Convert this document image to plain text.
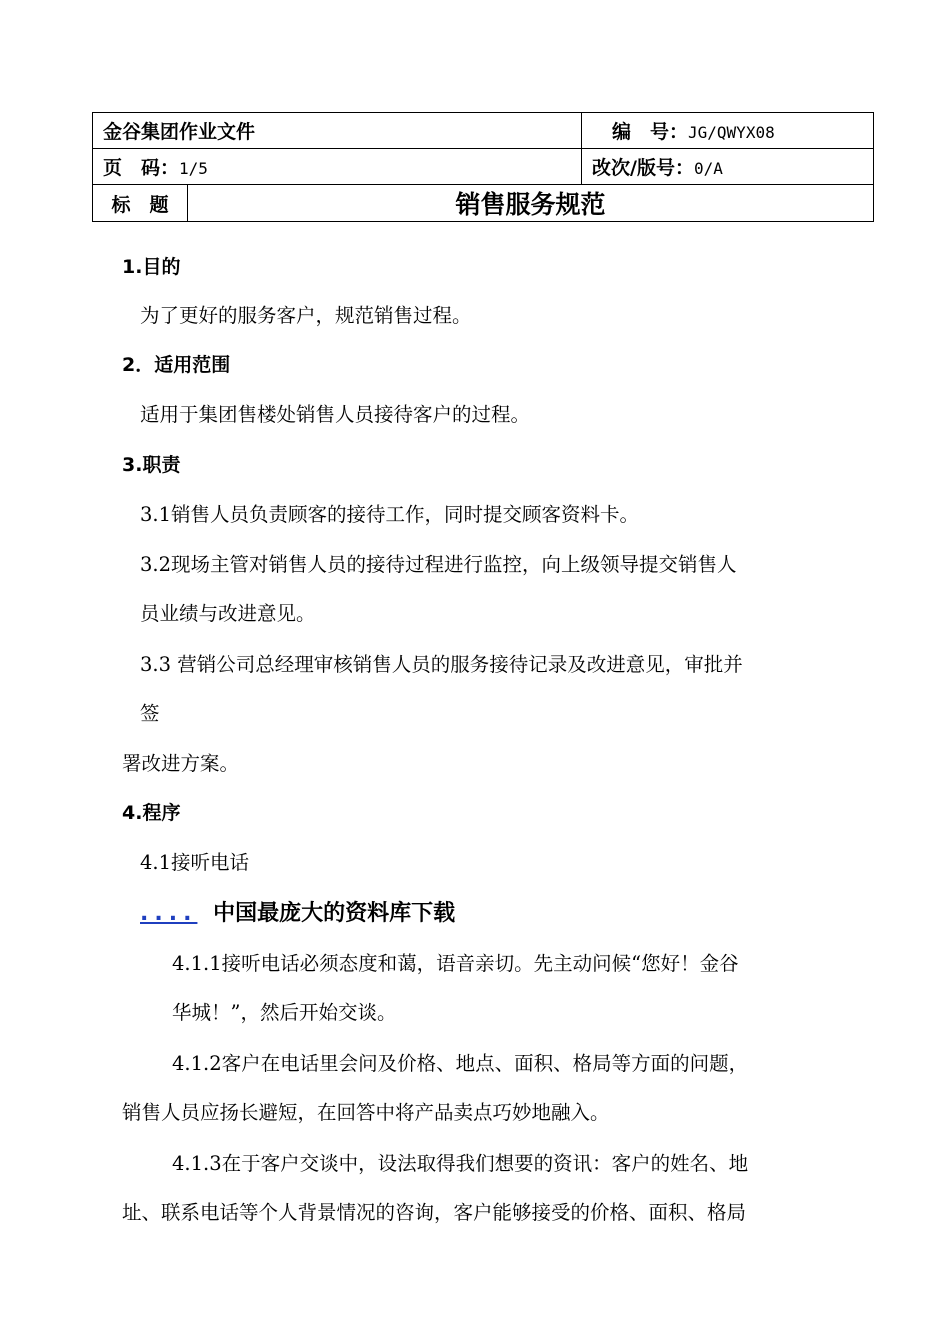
金谷集团作业文件	编　号：JG/QWYX08
页　码：1/5	改次/版号：0/A
标　题	销售服务规范
1.目的
为了更好的服务客户，规范销售过程。
2．适用范围
适用于集团售楼处销售人员接待客户的过程。
3.职责
3.1销售人员负责顾客的接待工作，同时提交顾客资料卡。
3.2现场主管对销售人员的接待过程进行监控，向上级领导提交销售人
员业绩与改进意见。
3.3 营销公司总经理审核销售人员的服务接待记录及改进意见，审批并
签
署改进方案。
4.程序
4.1接听电话
.... 中国最庞大的资料库下载
4.1.1接听电话必须态度和蔼，语音亲切。先主动问候“您好！金谷
华城！”，然后开始交谈。
4.1.2客户在电话里会问及价格、地点、面积、格局等方面的问题，
销售人员应扬长避短，在回答中将产品卖点巧妙地融入。
4.1.3在于客户交谈中，设法取得我们想要的资讯：客户的姓名、地
址、联系电话等个人背景情况的咨询，客户能够接受的价格、面积、格局
